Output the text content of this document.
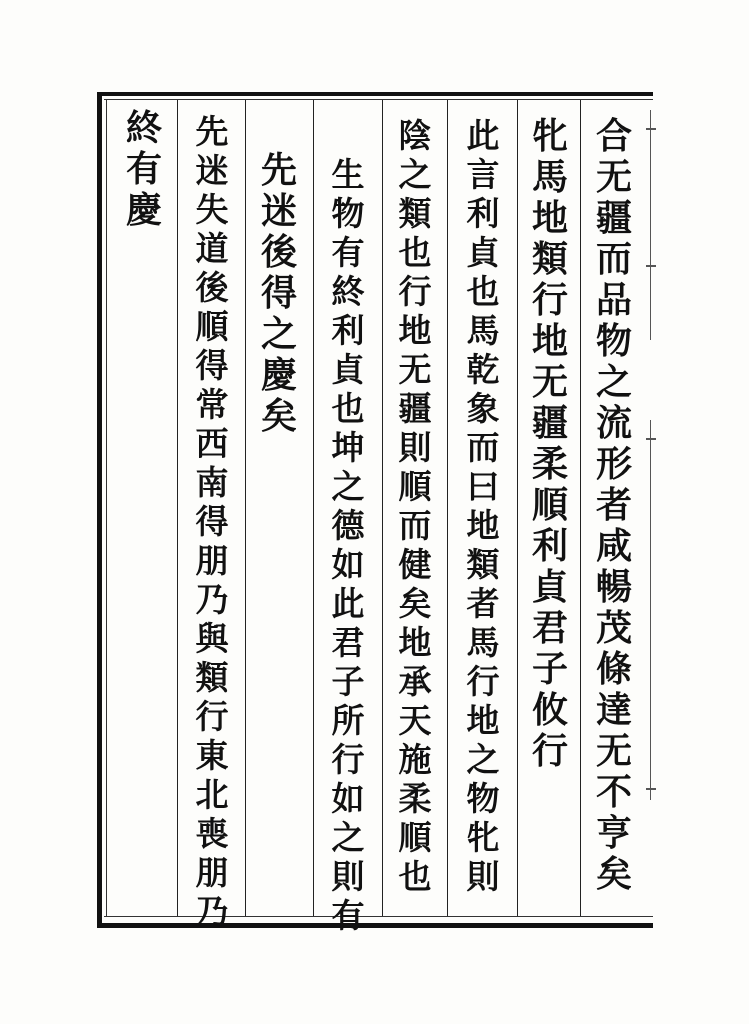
合
无
疆
而
品
物
之
流
形
者
咸
暢
茂
條
達
无
不
亨
矣
牝
馬
地
類
行
地
无
疆
柔
順
利
貞
君
子
攸
行
此
言
利
貞
也
馬
乾
象
而
曰
地
類
者
馬
行
地
之
物
牝
則
陰
之
類
也
行
地
无
疆
則
順
而
健
矣
地
承
天
施
柔
順
也
生
物
有
終
利
貞
也
坤
之
德
如
此
君
子
所
行
如
之
則
有
先
迷
後
得
之
慶
矣
先
迷
失
道
後
順
得
常
西
南
得
朋
乃
與
類
行
東
北
喪
朋
乃
終
有
慶
